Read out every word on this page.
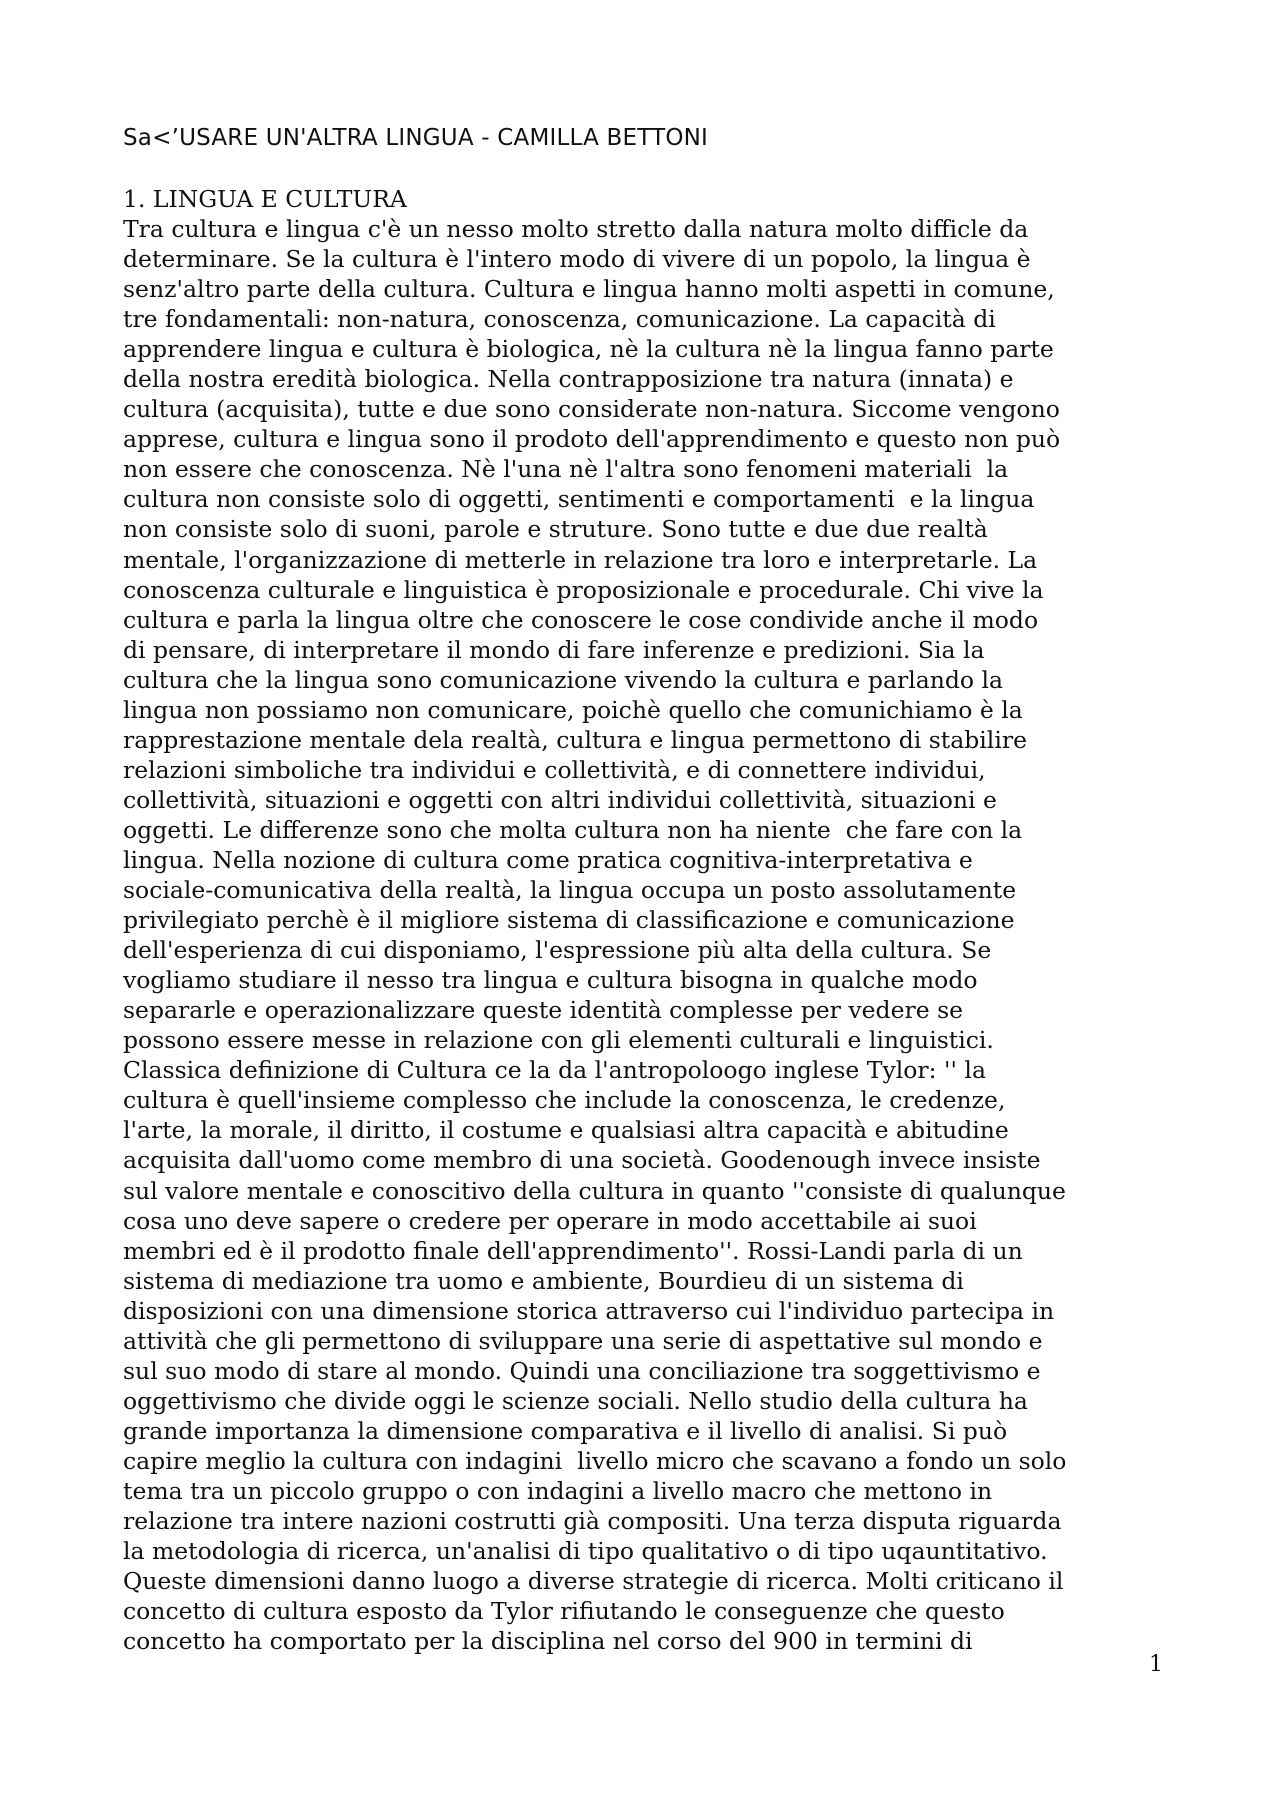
Sa<’USARE UN'ALTRA LINGUA - CAMILLA BETTONI
1. LINGUA E CULTURA
Tra cultura e lingua c'è un nesso molto stretto dalla natura molto difficle da
determinare. Se la cultura è l'intero modo di vivere di un popolo, la lingua è
senz'altro parte della cultura. Cultura e lingua hanno molti aspetti in comune,
tre fondamentali: non-natura, conoscenza, comunicazione. La capacità di
apprendere lingua e cultura è biologica, nè la cultura nè la lingua fanno parte
della nostra eredità biologica. Nella contrapposizione tra natura (innata) e
cultura (acquisita), tutte e due sono considerate non-natura. Siccome vengono
apprese, cultura e lingua sono il prodoto dell'apprendimento e questo non può
non essere che conoscenza. Nè l'una nè l'altra sono fenomeni materiali  la
cultura non consiste solo di oggetti, sentimenti e comportamenti  e la lingua
non consiste solo di suoni, parole e struture. Sono tutte e due due realtà
mentale, l'organizzazione di metterle in relazione tra loro e interpretarle. La
conoscenza culturale e linguistica è proposizionale e procedurale. Chi vive la
cultura e parla la lingua oltre che conoscere le cose condivide anche il modo
di pensare, di interpretare il mondo di fare inferenze e predizioni. Sia la
cultura che la lingua sono comunicazione vivendo la cultura e parlando la
lingua non possiamo non comunicare, poichè quello che comunichiamo è la
rapprestazione mentale dela realtà, cultura e lingua permettono di stabilire
relazioni simboliche tra individui e collettività, e di connettere individui,
collettività, situazioni e oggetti con altri individui collettività, situazioni e
oggetti. Le differenze sono che molta cultura non ha niente  che fare con la
lingua. Nella nozione di cultura come pratica cognitiva-interpretativa e
sociale-comunicativa della realtà, la lingua occupa un posto assolutamente
privilegiato perchè è il migliore sistema di classificazione e comunicazione
dell'esperienza di cui disponiamo, l'espressione più alta della cultura. Se
vogliamo studiare il nesso tra lingua e cultura bisogna in qualche modo
separarle e operazionalizzare queste identità complesse per vedere se
possono essere messe in relazione con gli elementi culturali e linguistici.
Classica definizione di Cultura ce la da l'antropoloogo inglese Tylor: '' la
cultura è quell'insieme complesso che include la conoscenza, le credenze,
l'arte, la morale, il diritto, il costume e qualsiasi altra capacità e abitudine
acquisita dall'uomo come membro di una società. Goodenough invece insiste
sul valore mentale e conoscitivo della cultura in quanto ''consiste di qualunque
cosa uno deve sapere o credere per operare in modo accettabile ai suoi
membri ed è il prodotto finale dell'apprendimento''. Rossi-Landi parla di un
sistema di mediazione tra uomo e ambiente, Bourdieu di un sistema di
disposizioni con una dimensione storica attraverso cui l'individuo partecipa in
attività che gli permettono di sviluppare una serie di aspettative sul mondo e
sul suo modo di stare al mondo. Quindi una conciliazione tra soggettivismo e
oggettivismo che divide oggi le scienze sociali. Nello studio della cultura ha
grande importanza la dimensione comparativa e il livello di analisi. Si può
capire meglio la cultura con indagini  livello micro che scavano a fondo un solo
tema tra un piccolo gruppo o con indagini a livello macro che mettono in
relazione tra intere nazioni costrutti già compositi. Una terza disputa riguarda
la metodologia di ricerca, un'analisi di tipo qualitativo o di tipo uqauntitativo.
Queste dimensioni danno luogo a diverse strategie di ricerca. Molti criticano il
concetto di cultura esposto da Tylor rifiutando le conseguenze che questo
concetto ha comportato per la disciplina nel corso del 900 in termini di
1
